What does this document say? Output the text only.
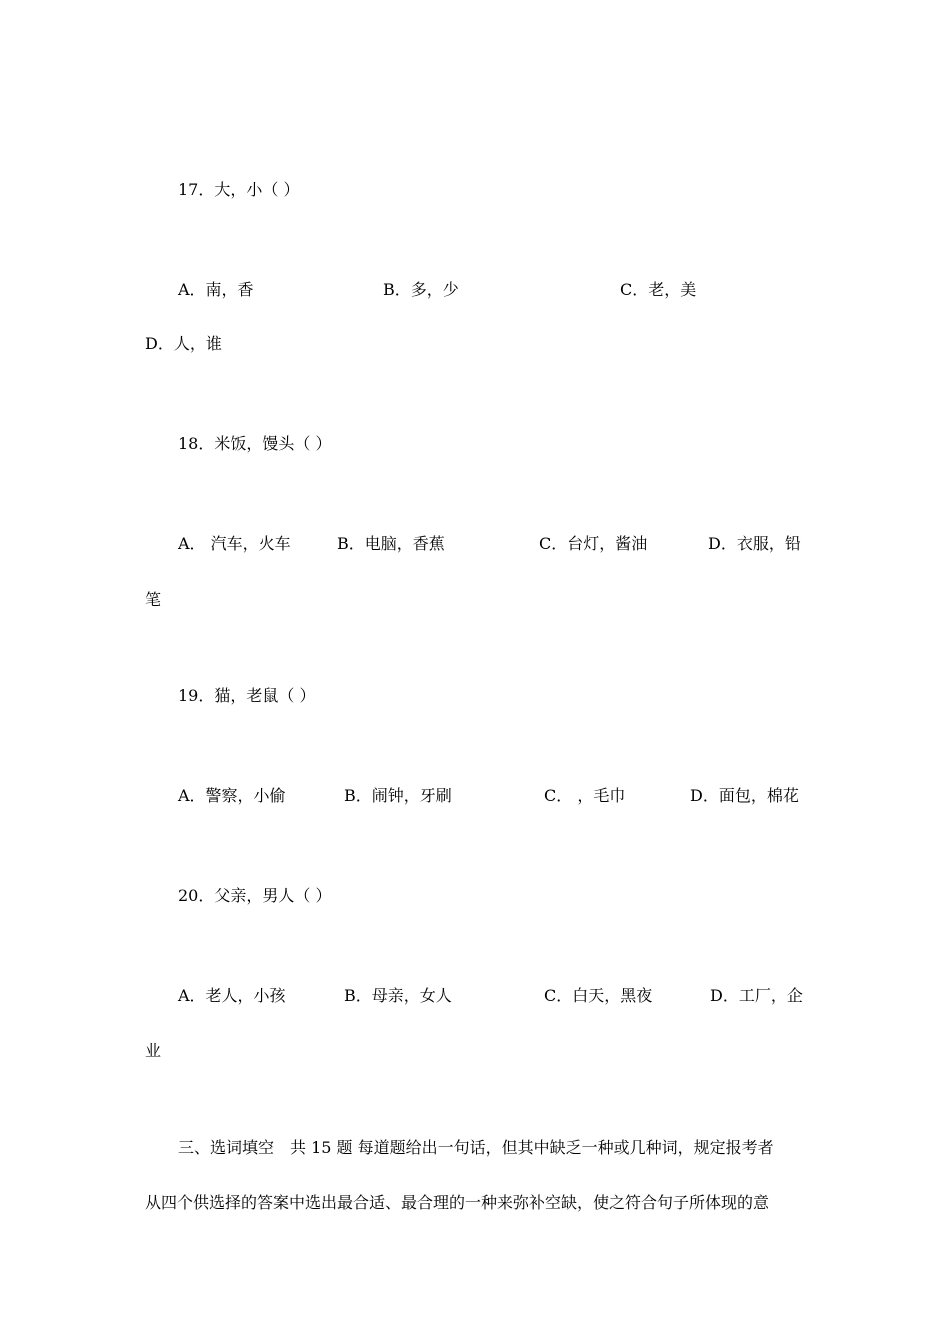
17．大，小（ ）
A．南，香	B．多，少	C．老，美
D．人，谁
18．米饭，馒头（ ）
A． 汽车，火车	B．电脑，香蕉	C．台灯，酱油	D．衣服，铅
笔
19．猫，老鼠（ ）
A．警察，小偷	B．闹钟，牙刷	C． ，毛巾	D．面包，棉花
20．父亲，男人（ ）
A．老人，小孩	B．母亲，女人	C．白天，黑夜	D．工厂，企
业
三、选词填空　共 15 题 每道题给出一句话，但其中缺乏一种或几种词，规定报考者
从四个供选择的答案中选出最合适、最合理的一种来弥补空缺，使之符合句子所体现的意
